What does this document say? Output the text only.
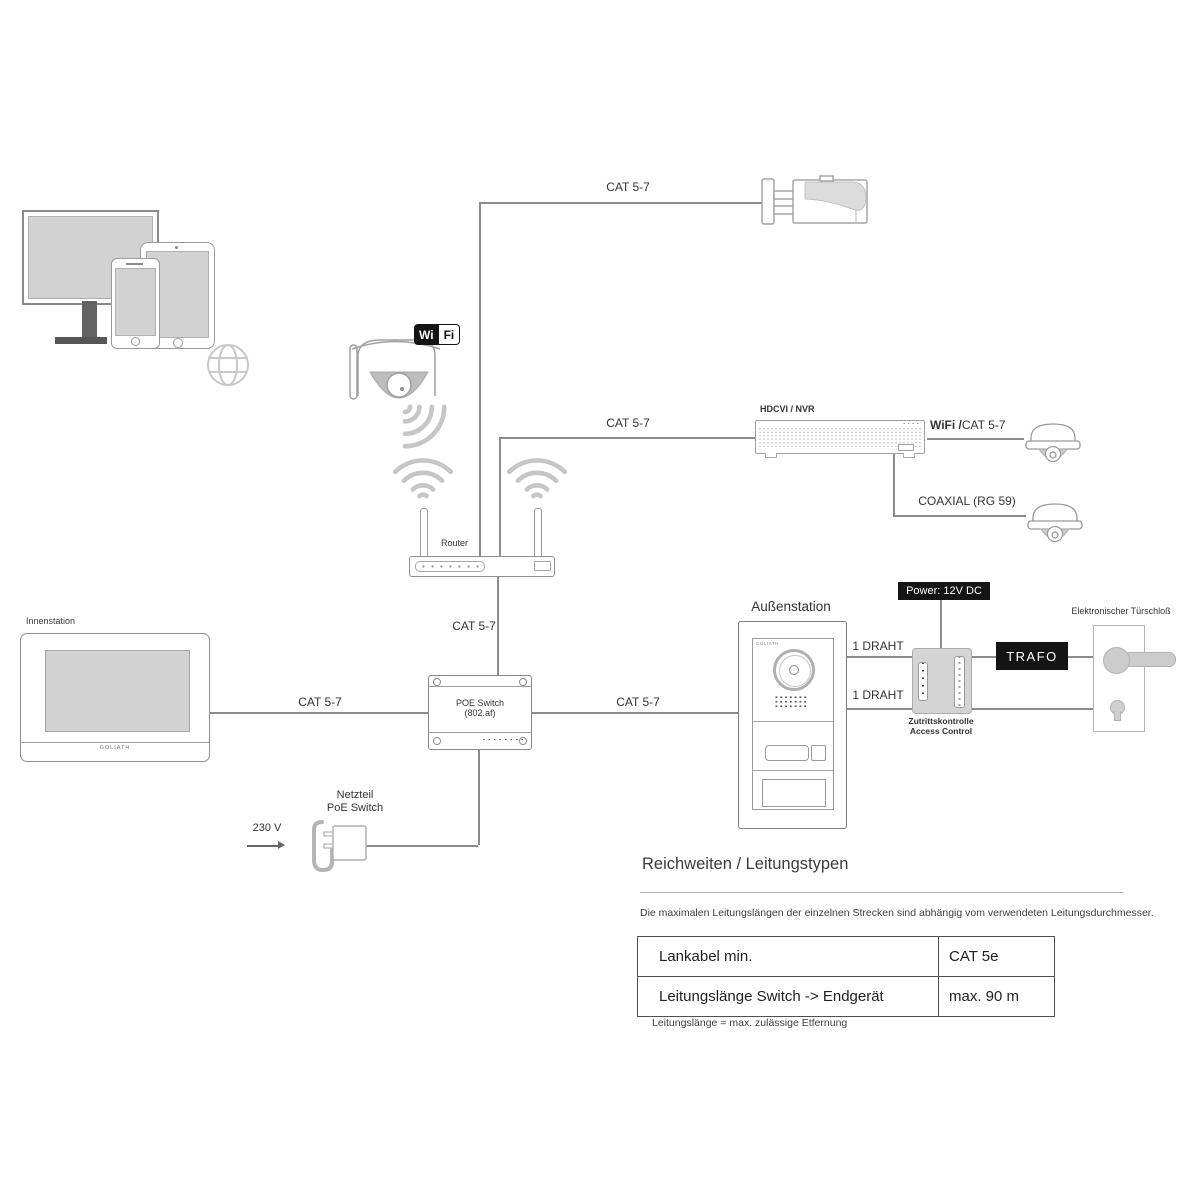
Wi Fi
Router
CAT 5-7
HDCVI / NVR
CAT 5-7	WiFi /CAT 5-7
COAXIAL (RG 59)
Innenstation
GOLIATH
CAT 5-7
CAT 5-7
POE Switch
(802.af)
CAT 5-7
Netzteil
PoE Switch
230 V
Außenstation
GOLIATH	1 DRAHT
1 DRAHT
Power: 12V DC
Zutrittskontrolle
Access Control
TRAFO
Elektronischer Türschloß
Reichweiten / Leitungstypen
Die maximalen Leitungslängen der einzelnen Strecken sind abhängig vom verwendeten Leitungsdurchmesser.
Lankabel min.	CAT 5e
Leitungslänge Switch -> Endgerät	max. 90 m
Leitungslänge = max. zulässige Etfernung
